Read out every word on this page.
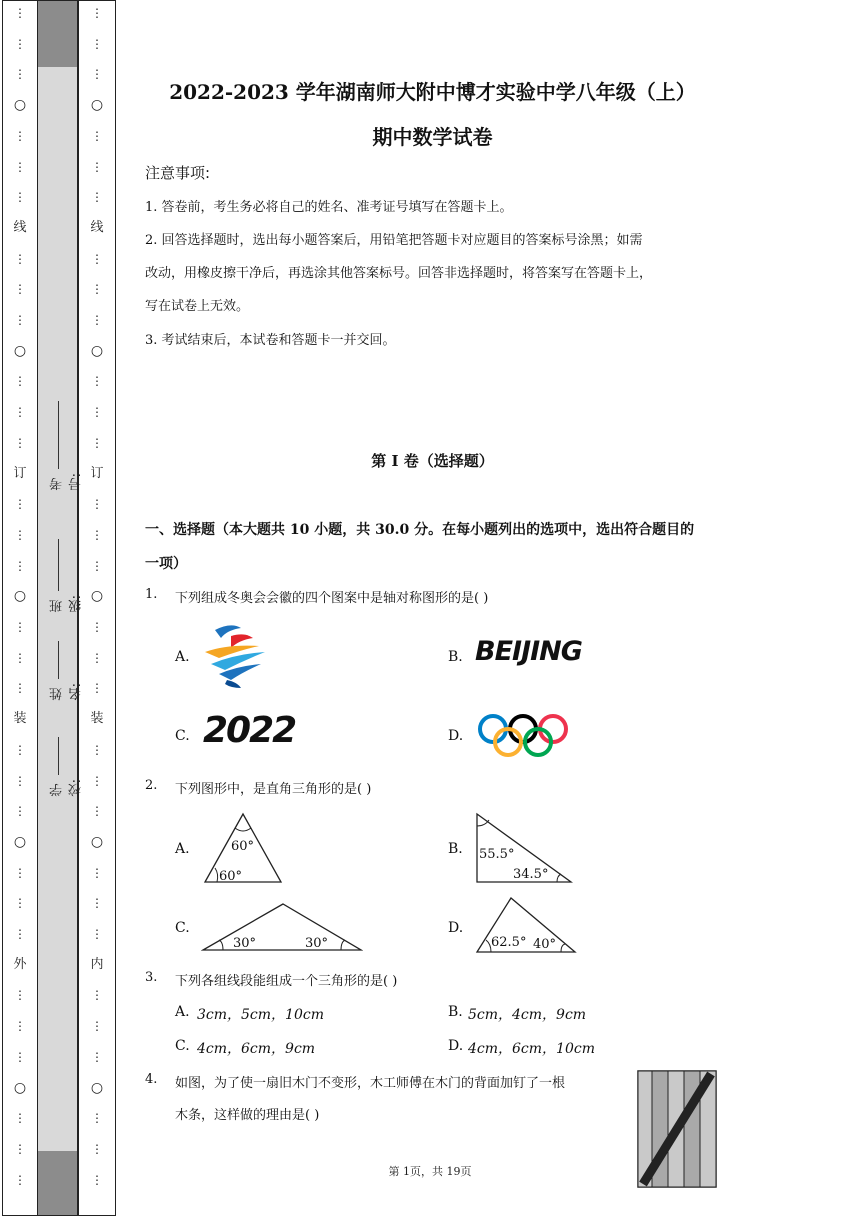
⋮
⋮
⋮
○
⋮
⋮
⋮
线
⋮
⋮
⋮
○
⋮
⋮
⋮
订
⋮
⋮
⋮
○
⋮
⋮
⋮
装
⋮
⋮
⋮
○
⋮
⋮
⋮
外
⋮
⋮
⋮
○
⋮
⋮
⋮
考号:
班级:
姓名:
学校:
⋮
⋮
⋮
○
⋮
⋮
⋮
线
⋮
⋮
⋮
○
⋮
⋮
⋮
订
⋮
⋮
⋮
○
⋮
⋮
⋮
装
⋮
⋮
⋮
○
⋮
⋮
⋮
内
⋮
⋮
⋮
○
⋮
⋮
⋮
2022-2023 学年湖南师大附中博才实验中学八年级（上）
期中数学试卷
注意事项:
1. 答卷前，考生务必将自己的姓名、准考证号填写在答题卡上。
2. 回答选择题时，选出每小题答案后，用铅笔把答题卡对应题目的答案标号涂黑；如需
改动，用橡皮擦干净后，再选涂其他答案标号。回答非选择题时，将答案写在答题卡上，
写在试卷上无效。
3. 考试结束后，本试卷和答题卡一并交回。
第 I 卷（选择题）
一、选择题（本大题共 10 小题，共 30.0 分。在每小题列出的选项中，选出符合题目的
一项）
1. 下列组成冬奥会会徽的四个图案中是轴对称图形的是( )
A.	B. BEIJING
C. 2022	D.
2. 下列图形中，是直角三角形的是( )
A.	60°
60°
B. 55.5°
34.5°
C.
30°	30°
D.
62.5° 40°
3. 下列各组线段能组成一个三角形的是( )
A. 3cm，5cm，10cm	B. 5cm，4cm，9cm
C. 4cm，6cm，9cm	D. 4cm，6cm，10cm
4. 如图，为了使一扇旧木门不变形，木工师傅在木门的背面加钉了一根
木条，这样做的理由是( )
第 1页，共 19页
